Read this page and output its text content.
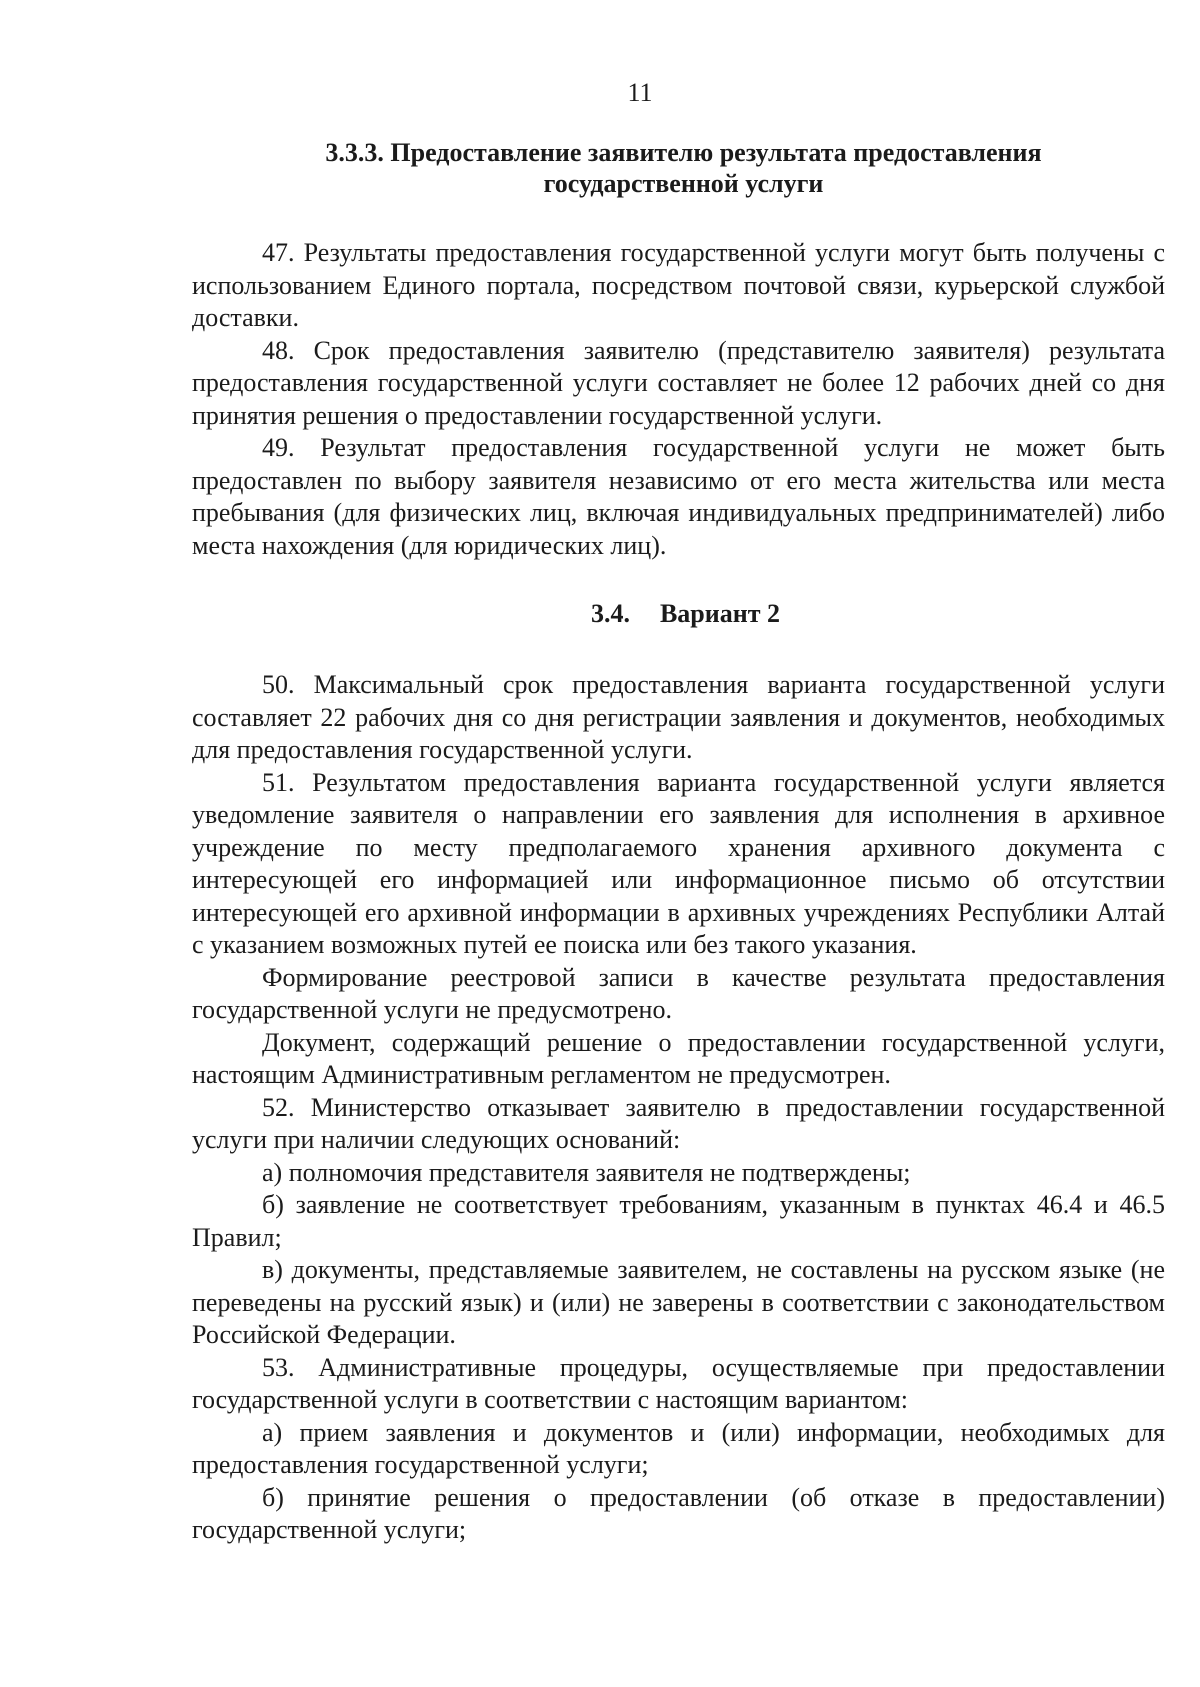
11

3.3.3. Предоставление заявителю результата предоставления
государственной услуги

47. Результаты предоставления государственной услуги могут быть получены с использованием Единого портала, посредством почтовой связи, курьерской службой доставки.

48. Срок предоставления заявителю (представителю заявителя) результата предоставления государственной услуги составляет не более 12 рабочих дней со дня принятия решения о предоставлении государственной услуги.

49. Результат предоставления государственной услуги не может быть предоставлен по выбору заявителя независимо от его места жительства или места пребывания (для физических лиц, включая индивидуальных предпринимателей) либо места нахождения (для юридических лиц).

3.4. Вариант 2

50. Максимальный срок предоставления варианта государственной услуги составляет 22 рабочих дня со дня регистрации заявления и документов, необходимых для предоставления государственной услуги.

51. Результатом предоставления варианта государственной услуги является уведомление заявителя о направлении его заявления для исполнения в архивное учреждение по месту предполагаемого хранения архивного документа с интересующей его информацией или информационное письмо об отсутствии интересующей его архивной информации в архивных учреждениях Республики Алтай с указанием возможных путей ее поиска или без такого указания.

Формирование реестровой записи в качестве результата предоставления государственной услуги не предусмотрено.

Документ, содержащий решение о предоставлении государственной услуги, настоящим Административным регламентом не предусмотрен.

52. Министерство отказывает заявителю в предоставлении государственной услуги при наличии следующих оснований:

а) полномочия представителя заявителя не подтверждены;

б) заявление не соответствует требованиям, указанным в пунктах 46.4 и 46.5 Правил;

в) документы, представляемые заявителем, не составлены на русском языке (не переведены на русский язык) и (или) не заверены в соответствии с законодательством Российской Федерации.

53. Административные процедуры, осуществляемые при предоставлении государственной услуги в соответствии с настоящим вариантом:

а) прием заявления и документов и (или) информации, необходимых для предоставления государственной услуги;

б) принятие решения о предоставлении (об отказе в предоставлении) государственной услуги;
